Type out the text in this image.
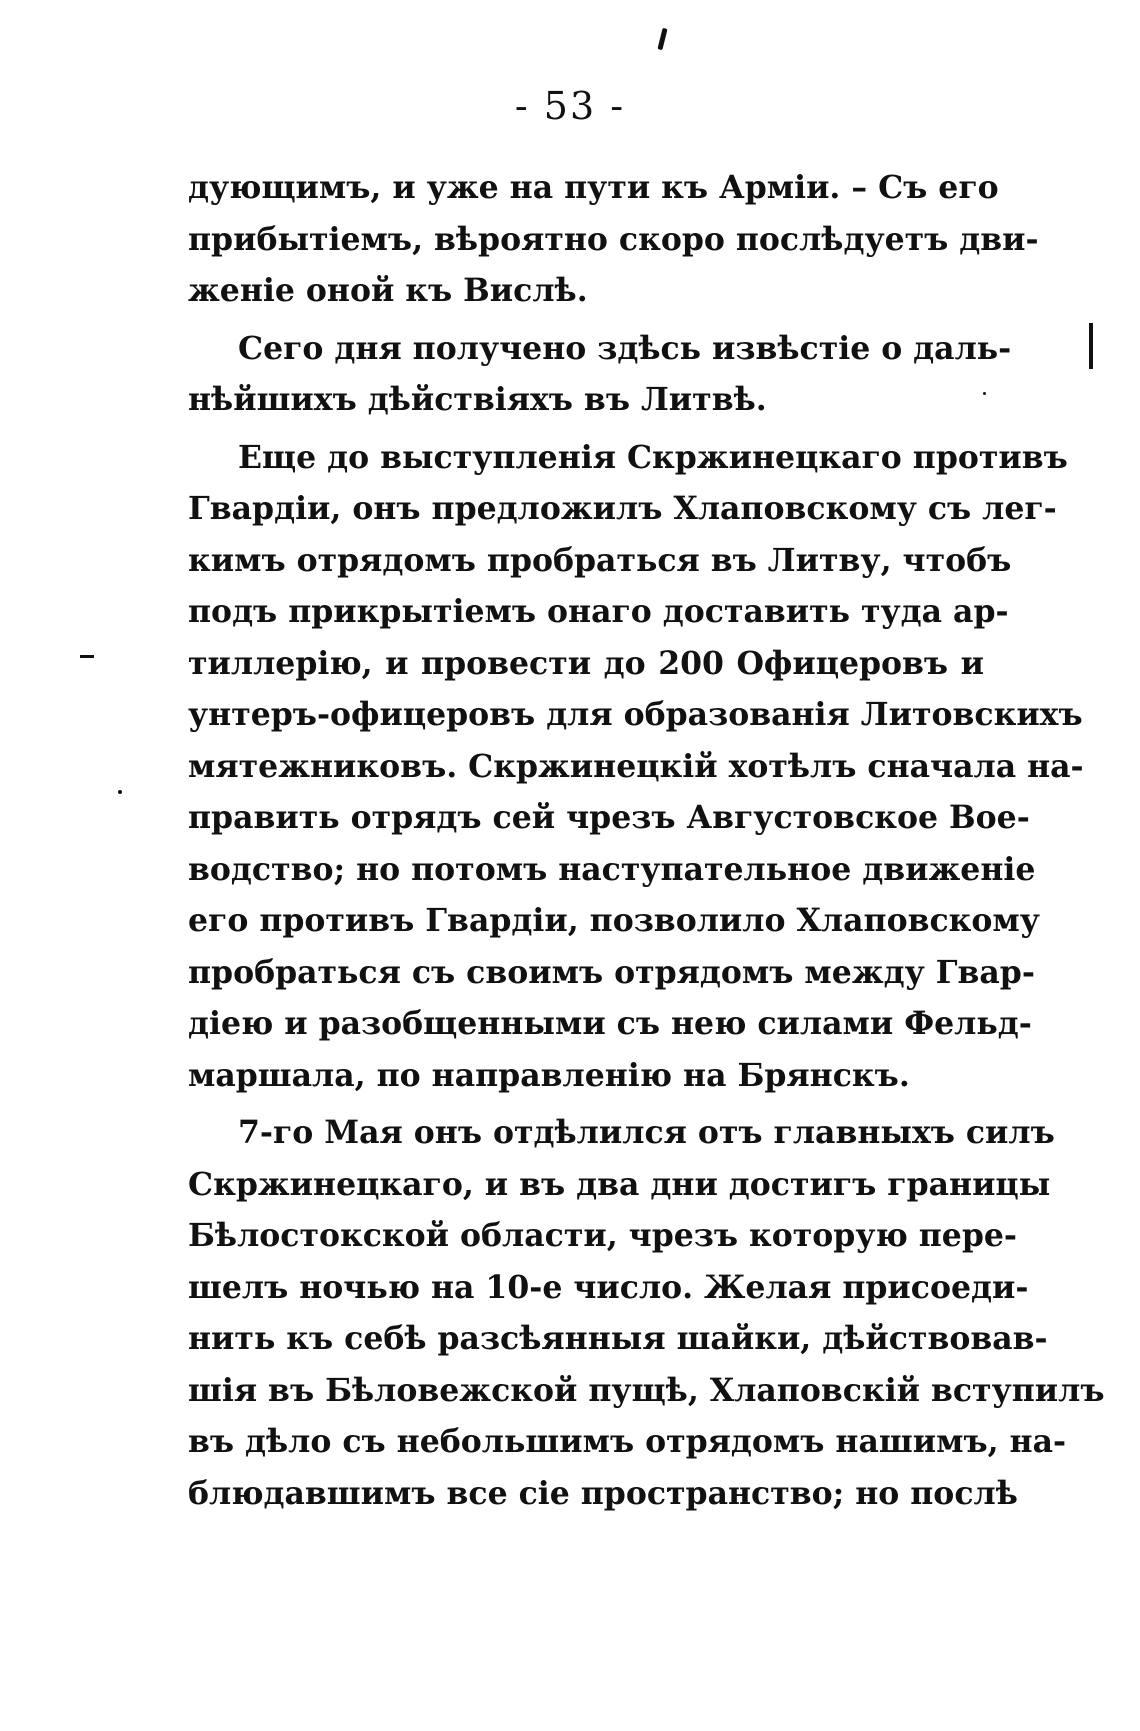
- 53 -
дующимъ, и уже на пути къ Арміи. – Съ его
прибытіемъ, вѣроятно скоро послѣдуетъ дви-
женіе оной къ Вислѣ.
Сего дня получено здѣсь извѣстіе о даль-
нѣйшихъ дѣйствіяхъ въ Литвѣ.
Еще до выступленія Скржинецкаго противъ
Гвардіи, онъ предложилъ Хлаповскому съ лег-
кимъ отрядомъ пробраться въ Литву, чтобъ
подъ прикрытіемъ онаго доставить туда ар-
тиллерію, и провести до 200 Офицеровъ и
унтеръ-офицеровъ для образованія Литовскихъ
мятежниковъ. Скржинецкій хотѣлъ сначала на-
править отрядъ сей чрезъ Августовское Вое-
водство; но потомъ наступательное движеніе
его противъ Гвардіи, позволило Хлаповскому
пробраться съ своимъ отрядомъ между Гвар-
діею и разобщенными съ нею силами Фельд-
маршала, по направленію на Брянскъ.
7-го Мая онъ отдѣлился отъ главныхъ силъ
Скржинецкаго, и въ два дни достигъ границы
Бѣлостокской области, чрезъ которую пере-
шелъ ночью на 10-е число. Желая присоеди-
нить къ себѣ разсѣянныя шайки, дѣйствовав-
шія въ Бѣловежской пущѣ, Хлаповскій вступилъ
въ дѣло съ небольшимъ отрядомъ нашимъ, на-
блюдавшимъ все сіе пространство; но послѣ
